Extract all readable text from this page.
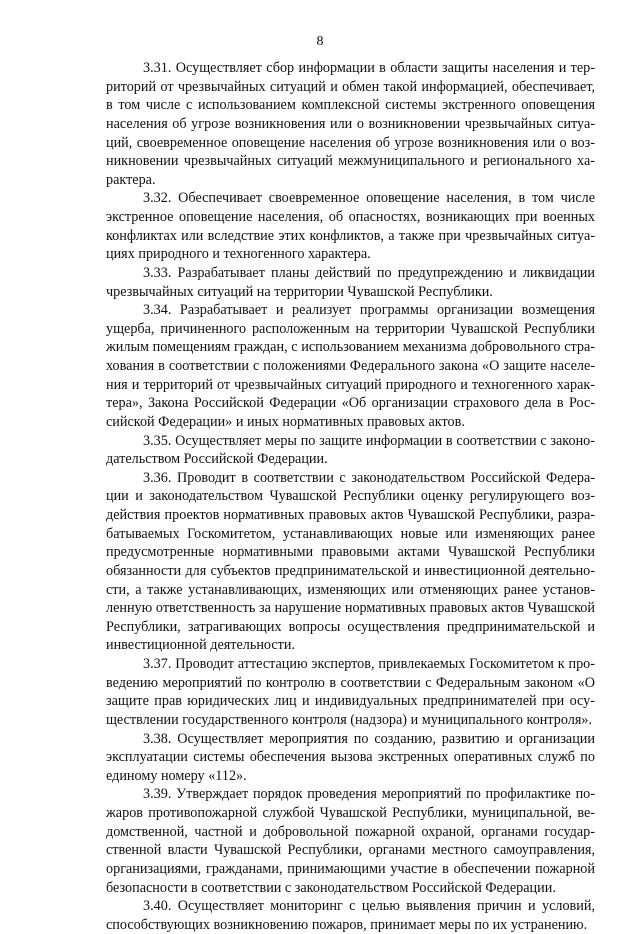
8

3.31. Осуществляет сбор информации в области защиты населения и территорий от чрезвычайных ситуаций и обмен такой информацией, обеспечивает, в том числе с использованием комплексной системы экстренного оповещения населения об угрозе возникновения или о возникновении чрезвычайных ситуаций, своевременное оповещение населения об угрозе возникновения или о возникновении чрезвычайных ситуаций межмуниципального и регионального характера.

3.32. Обеспечивает своевременное оповещение населения, в том числе экстренное оповещение населения, об опасностях, возникающих при военных конфликтах или вследствие этих конфликтов, а также при чрезвычайных ситуациях природного и техногенного характера.

3.33. Разрабатывает планы действий по предупреждению и ликвидации чрезвычайных ситуаций на территории Чувашской Республики.

3.34. Разрабатывает и реализует программы организации возмещения ущерба, причиненного расположенным на территории Чувашской Республики жилым помещениям граждан, с использованием механизма добровольного страхования в соответствии с положениями Федерального закона «О защите населения и территорий от чрезвычайных ситуаций природного и техногенного характера», Закона Российской Федерации «Об организации страхового дела в Российской Федерации» и иных нормативных правовых актов.

3.35. Осуществляет меры по защите информации в соответствии с законодательством Российской Федерации.

3.36. Проводит в соответствии с законодательством Российской Федерации и законодательством Чувашской Республики оценку регулирующего воздействия проектов нормативных правовых актов Чувашской Республики, разрабатываемых Госкомитетом, устанавливающих новые или изменяющих ранее предусмотренные нормативными правовыми актами Чувашской Республики обязанности для субъектов предпринимательской и инвестиционной деятельности, а также устанавливающих, изменяющих или отменяющих ранее установленную ответственность за нарушение нормативных правовых актов Чувашской Республики, затрагивающих вопросы осуществления предпринимательской и инвестиционной деятельности.

3.37. Проводит аттестацию экспертов, привлекаемых Госкомитетом к проведению мероприятий по контролю в соответствии с Федеральным законом «О защите прав юридических лиц и индивидуальных предпринимателей при осуществлении государственного контроля (надзора) и муниципального контроля».

3.38. Осуществляет мероприятия по созданию, развитию и организации эксплуатации системы обеспечения вызова экстренных оперативных служб по единому номеру «112».

3.39. Утверждает порядок проведения мероприятий по профилактике пожаров противопожарной службой Чувашской Республики, муниципальной, ведомственной, частной и добровольной пожарной охраной, органами государственной власти Чувашской Республики, органами местного самоуправления, организациями, гражданами, принимающими участие в обеспечении пожарной безопасности в соответствии с законодательством Российской Федерации.

3.40. Осуществляет мониторинг с целью выявления причин и условий, способствующих возникновению пожаров, принимает меры по их устранению.
